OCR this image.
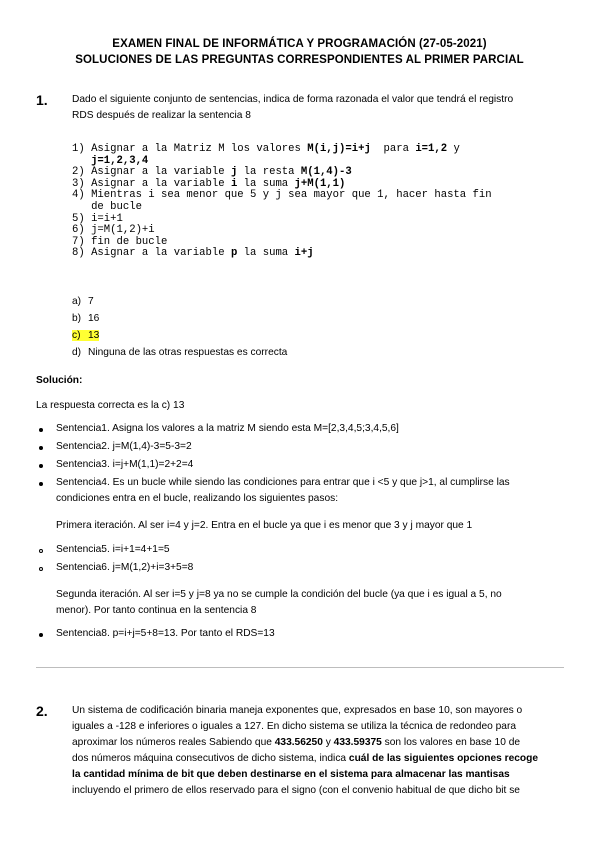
EXAMEN FINAL DE INFORMÁTICA Y PROGRAMACIÓN (27-05-2021)
SOLUCIONES DE LAS PREGUNTAS CORRESPONDIENTES AL PRIMER PARCIAL
1. Dado el siguiente conjunto de sentencias, indica de forma razonada el valor que tendrá el registro
RDS después de realizar la sentencia 8
1) Asignar a la Matriz M los valores M(i,j)=i+j  para i=1,2 y
j=1,2,3,4
2) Asignar a la variable j la resta M(1,4)-3
3) Asignar a la variable i la suma j+M(1,1)
4) Mientras i sea menor que 5 y j sea mayor que 1, hacer hasta fin
de bucle
5) i=i+1
6) j=M(1,2)+i
7) fin de bucle
8) Asignar a la variable p la suma i+j
a) 7
b) 16
c) 13
d) Ninguna de las otras respuestas es correcta
Solución:
La respuesta correcta es la c) 13
Sentencia1. Asigna los valores a la matriz M siendo esta M=[2,3,4,5;3,4,5,6]
Sentencia2. j=M(1,4)-3=5-3=2
Sentencia3. i=j+M(1,1)=2+2=4
Sentencia4. Es un bucle while siendo las condiciones para entrar que i <5 y que j>1, al cumplirse las
condiciones entra en el bucle, realizando los siguientes pasos:
Primera iteración. Al ser i=4 y j=2. Entra en el bucle ya que i es menor que 3 y j mayor que 1
Sentencia5. i=i+1=4+1=5
Sentencia6. j=M(1,2)+i=3+5=8
Segunda iteración. Al ser i=5 y j=8 ya no se cumple la condición del bucle (ya que i es igual a 5, no
menor). Por tanto continua en la sentencia 8
Sentencia8. p=i+j=5+8=13. Por tanto el RDS=13
2. Un sistema de codificación binaria maneja exponentes que, expresados en base 10, son mayores o
iguales a -128 e inferiores o iguales a 127. En dicho sistema se utiliza la técnica de redondeo para
aproximar los números reales Sabiendo que 433.56250 y 433.59375 son los valores en base 10 de
dos números máquina consecutivos de dicho sistema, indica cuál de las siguientes opciones recoge
la cantidad mínima de bit que deben destinarse en el sistema para almacenar las mantisas
incluyendo el primero de ellos reservado para el signo (con el convenio habitual de que dicho bit se
